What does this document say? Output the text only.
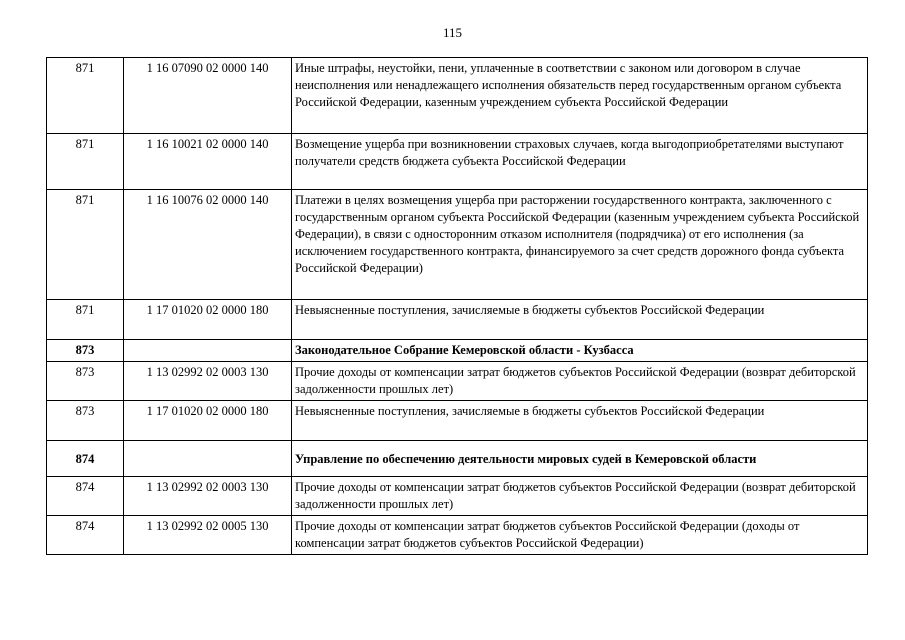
115
871	1 16 07090 02 0000 140	Иные штрафы, неустойки, пени, уплаченные в соответствии с законом или договором в случае неисполнения или ненадлежащего исполнения обязательств перед государственным органом субъекта Российской Федерации, казенным учреждением субъекта Российской Федерации
871	1 16 10021 02 0000 140	Возмещение ущерба при возникновении страховых случаев, когда выгодоприобретателями выступают получатели средств бюджета субъекта Российской Федерации
871	1 16 10076 02 0000 140	Платежи в целях возмещения ущерба при расторжении государственного контракта, заключенного с государственным органом субъекта Российской Федерации (казенным учреждением субъекта Российской Федерации), в связи с односторонним отказом исполнителя (подрядчика) от его исполнения (за исключением государственного контракта, финансируемого за счет средств дорожного фонда субъекта Российской Федерации)
871	1 17 01020 02 0000 180	Невыясненные поступления, зачисляемые в бюджеты субъектов Российской Федерации
873		Законодательное Собрание Кемеровской области - Кузбасса
873	1 13 02992 02 0003 130	Прочие доходы от компенсации затрат бюджетов субъектов Российской Федерации (возврат дебиторской задолженности прошлых лет)
873	1 17 01020 02 0000 180	Невыясненные поступления, зачисляемые в бюджеты субъектов Российской Федерации
874		Управление по обеспечению деятельности мировых судей в Кемеровской области
874	1 13 02992 02 0003 130	Прочие доходы от компенсации затрат бюджетов субъектов Российской Федерации (возврат дебиторской задолженности прошлых лет)
874	1 13 02992 02 0005 130	Прочие доходы от компенсации затрат бюджетов субъектов Российской Федерации (доходы от компенсации затрат бюджетов субъектов Российской Федерации)
